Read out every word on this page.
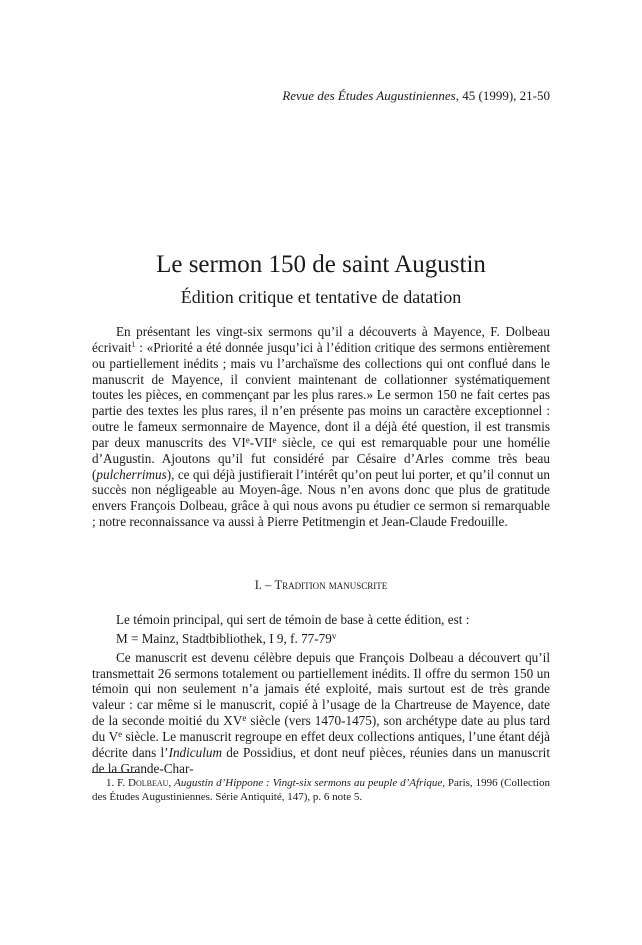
Revue des Études Augustiniennes, 45 (1999), 21-50
Le sermon 150 de saint Augustin
Édition critique et tentative de datation

En présentant les vingt-six sermons qu’il a découverts à Mayence, F. Dolbeau écrivait$^1$ : «Priorité a été donnée jusqu’ici à l’édition critique des sermons entièrement ou partiellement inédits ; mais vu l’archaïsme des collections qui ont conflué dans le manuscrit de Mayence, il convient maintenant de collationner systématiquement toutes les pièces, en commençant par les plus rares.» Le sermon 150 ne fait certes pas partie des textes les plus rares, il n’en présente pas moins un caractère exceptionnel : outre le fameux sermonnaire de Mayence, dont il a déjà été question, il est transmis par deux manuscrits des VIe-VIIe siècle, ce qui est remarquable pour une homélie d’Augustin. Ajoutons qu’il fut considéré par Césaire d’Arles comme très beau (pulcherrimus), ce qui déjà justifierait l’intérêt qu’on peut lui porter, et qu’il connut un succès non négligeable au Moyen-âge. Nous n’en avons donc que plus de gratitude envers François Dolbeau, grâce à qui nous avons pu étudier ce sermon si remarquable ; notre reconnaissance va aussi à Pierre Petitmengin et Jean-Claude Fredouille.

I. – Tradition manuscrite

Le témoin principal, qui sert de témoin de base à cette édition, est :

M = Mainz, Stadtbibliothek, I 9, f. 77-79$^v$

Ce manuscrit est devenu célèbre depuis que François Dolbeau a découvert qu’il transmettait 26 sermons totalement ou partiellement inédits. Il offre du sermon 150 un témoin qui non seulement n’a jamais été exploité, mais surtout est de très grande valeur : car même si le manuscrit, copié à l’usage de la Chartreuse de Mayence, date de la seconde moitié du XVe siècle (vers 1470-1475), son archétype date au plus tard du Ve siècle. Le manuscrit regroupe en effet deux collections antiques, l’une étant déjà décrite dans l’Indiculum de Possidius, et dont neuf pièces, réunies dans un manuscrit de la Grande-Char-

1. F. Dolbeau, Augustin d’Hippone : Vingt-six sermons au peuple d’Afrique, Paris, 1996 (Collection des Études Augustiniennes. Série Antiquité, 147), p. 6 note 5.
